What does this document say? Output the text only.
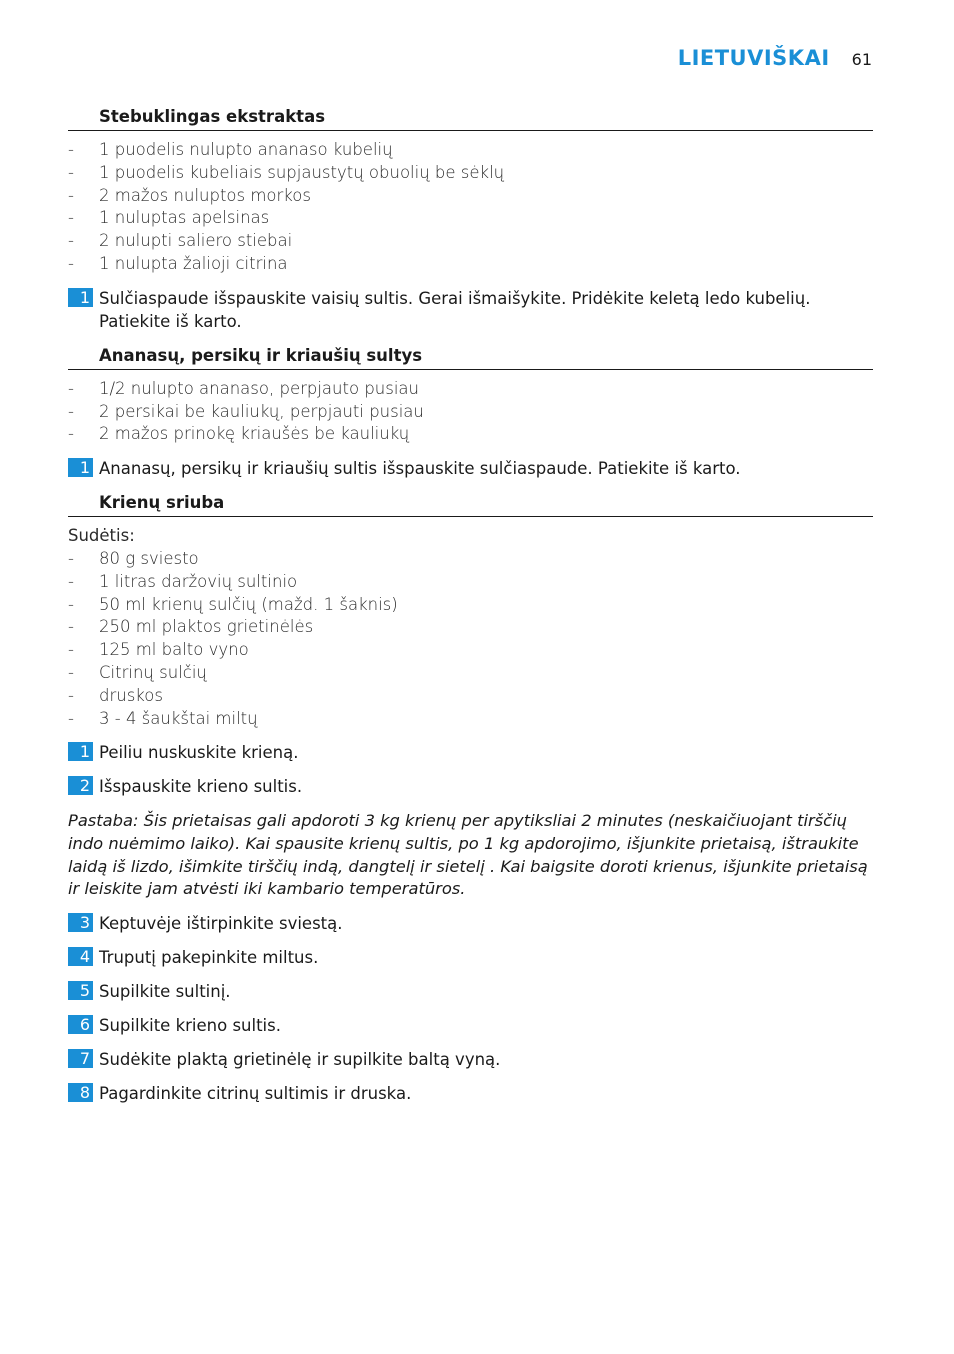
LIETUVIŠKAI 61
Stebuklingas ekstraktas
- 1 puodelis nulupto ananaso kubelių
- 1 puodelis kubeliais supjaustytų obuolių be sėklų
- 2 mažos nuluptos morkos
- 1 nuluptas apelsinas
- 2 nulupti saliero stiebai
- 1 nulupta žalioji citrina
1 Sulčiaspaude išspauskite vaisių sultis. Gerai išmaišykite. Pridėkite keletą ledo kubelių. Patiekite iš karto.
Ananasų, persikų ir kriaušių sultys
- 1/2 nulupto ananaso, perpjauto pusiau
- 2 persikai be kauliukų, perpjauti pusiau
- 2 mažos prinokę kriaušės be kauliukų
1 Ananasų, persikų ir kriaušių sultis išspauskite sulčiaspaude. Patiekite iš karto.
Krienų sriuba
Sudėtis:
- 80 g sviesto
- 1 litras daržovių sultinio
- 50 ml krienų sulčių (mažd. 1 šaknis)
- 250 ml plaktos grietinėlės
- 125 ml balto vyno
- Citrinų sulčių
- druskos
- 3 - 4 šaukštai miltų
1 Peiliu nuskuskite krieną.
2 Išspauskite krieno sultis.
Pastaba: Šis prietaisas gali apdoroti 3 kg krienų per apytiksliai 2 minutes (neskaičiuojant tirščių indo nuėmimo laiko). Kai spausite krienų sultis, po 1 kg apdorojimo, išjunkite prietaisą, ištraukite laidą iš lizdo, išimkite tirščių indą, dangtelį ir sietelį . Kai baigsite doroti krienus, išjunkite prietaisą ir leiskite jam atvėsti iki kambario temperatūros.
3 Keptuvėje ištirpinkite sviestą.
4 Truputį pakepinkite miltus.
5 Supilkite sultinį.
6 Supilkite krieno sultis.
7 Sudėkite plaktą grietinėlę ir supilkite baltą vyną.
8 Pagardinkite citrinų sultimis ir druska.
